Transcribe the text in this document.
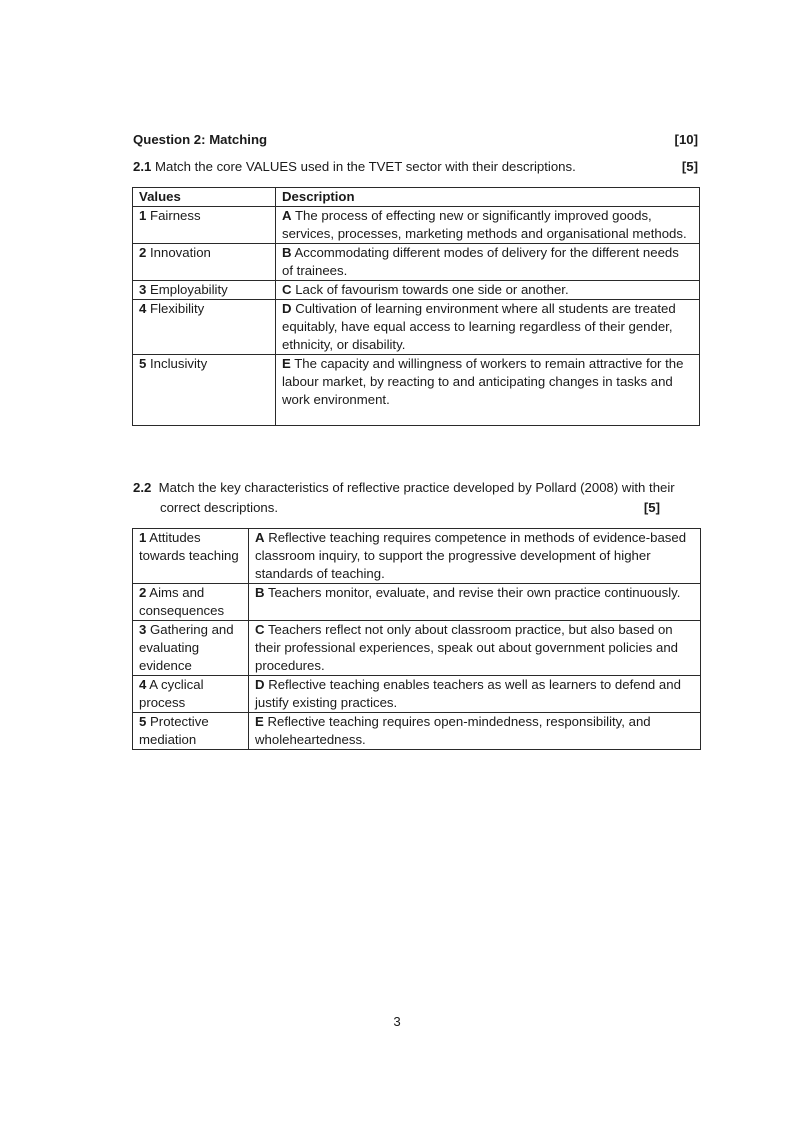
Question 2: Matching	[10]
2.1 Match the core VALUES used in the TVET sector with their descriptions.	[5]
Values	Description
1 Fairness	A The process of effecting new or significantly improved goods, services, processes, marketing methods and organisational methods.
2 Innovation	B Accommodating different modes of delivery for the different needs of trainees.
3 Employability	C Lack of favourism towards one side or another.
4 Flexibility	D Cultivation of learning environment where all students are treated equitably, have equal access to learning regardless of their gender, ethnicity, or disability.
5 Inclusivity	E The capacity and willingness of workers to remain attractive for the labour market, by reacting to and anticipating changes in tasks and work environment.
2.2 Match the key characteristics of reflective practice developed by Pollard (2008) with their
correct descriptions.	[5]
1 Attitudes towards teaching	A Reflective teaching requires competence in methods of evidence-based classroom inquiry, to support the progressive development of higher standards of teaching.
2 Aims and consequences	B Teachers monitor, evaluate, and revise their own practice continuously.
3 Gathering and evaluating evidence	C Teachers reflect not only about classroom practice, but also based on their professional experiences, speak out about government policies and procedures.
4 A cyclical process	D Reflective teaching enables teachers as well as learners to defend and justify existing practices.
5 Protective mediation	E Reflective teaching requires open-mindedness, responsibility, and wholeheartedness.
3
